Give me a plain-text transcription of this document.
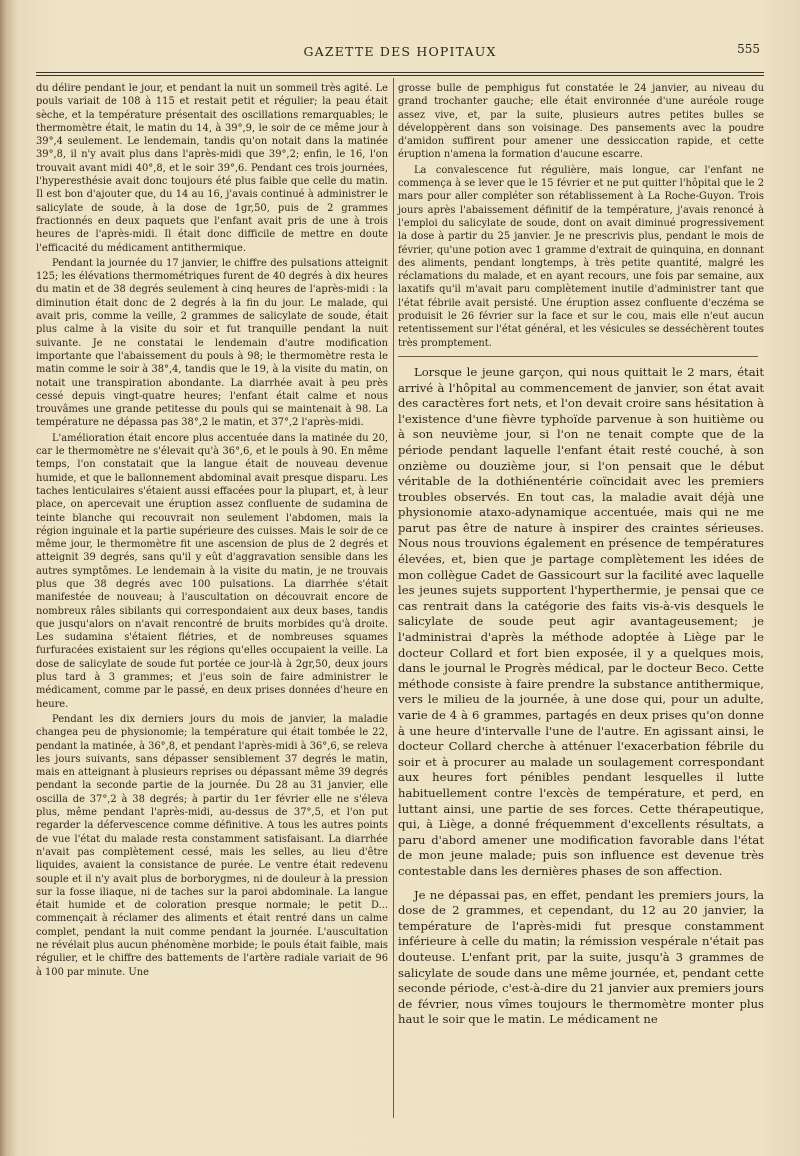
GAZETTE DES HOPITAUX	555

du délire pendant le jour, et pendant la nuit un sommeil très agité. Le pouls variait de 108 à 115 et restait petit et régulier; la peau était sèche, et la température présentait des oscillations remarquables; le thermomètre était, le matin du 14, à 39°,9, le soir de ce même jour à 39°,4 seulement. Le lendemain, tandis qu'on notait dans la matinée 39°,8, il n'y avait plus dans l'après-midi que 39°,2; enfin, le 16, l'on trouvait avant midi 40°,8, et le soir 39°,6. Pendant ces trois journées, l'hyperesthésie avait donc toujours été plus faible que celle du matin. Il est bon d'ajouter que, du 14 au 16, j'avais continué à administrer le salicylate de soude, à la dose de 1gr,50, puis de 2 grammes fractionnés en deux paquets que l'enfant avait pris de une à trois heures de l'après-midi. Il était donc difficile de mettre en doute l'efficacité du médicament antithermique.

Pendant la journée du 17 janvier, le chiffre des pulsations atteignit 125; les élévations thermométriques furent de 40 degrés à dix heures du matin et de 38 degrés seulement à cinq heures de l'après-midi : la diminution était donc de 2 degrés à la fin du jour. Le malade, qui avait pris, comme la veille, 2 grammes de salicylate de soude, était plus calme à la visite du soir et fut tranquille pendant la nuit suivante. Je ne constatai le lendemain d'autre modification importante que l'abaissement du pouls à 98; le thermomètre resta le matin comme le soir à 38°,4, tandis que le 19, à la visite du matin, on notait une transpiration abondante. La diarrhée avait à peu près cessé depuis vingt-quatre heures; l'enfant était calme et nous trouvâmes une grande petitesse du pouls qui se maintenait à 98. La température ne dépassa pas 38°,2 le matin, et 37°,2 l'après-midi.

L'amélioration était encore plus accentuée dans la matinée du 20, car le thermomètre ne s'élevait qu'à 36°,6, et le pouls à 90. En même temps, l'on constatait que la langue était de nouveau devenue humide, et que le ballonnement abdominal avait presque disparu. Les taches lenticulaires s'étaient aussi effacées pour la plupart, et, à leur place, on apercevait une éruption assez confluente de sudamina de teinte blanche qui recouvrait non seulement l'abdomen, mais la région inguinale et la partie supérieure des cuisses. Mais le soir de ce même jour, le thermomètre fit une ascension de plus de 2 degrés et atteignit 39 degrés, sans qu'il y eût d'aggravation sensible dans les autres symptômes. Le lendemain à la visite du matin, je ne trouvais plus que 38 degrés avec 100 pulsations. La diarrhée s'était manifestée de nouveau; à l'auscultation on découvrait encore de nombreux râles sibilants qui correspondaient aux deux bases, tandis que jusqu'alors on n'avait rencontré de bruits morbides qu'à droite. Les sudamina s'étaient flétries, et de nombreuses squames furfuracées existaient sur les régions qu'elles occupaient la veille. La dose de salicylate de soude fut portée ce jour-là à 2gr,50, deux jours plus tard à 3 grammes; et j'eus soin de faire administrer le médicament, comme par le passé, en deux prises données d'heure en heure.

Pendant les dix derniers jours du mois de janvier, la maladie changea peu de physionomie; la température qui était tombée le 22, pendant la matinée, à 36°,8, et pendant l'après-midi à 36°,6, se releva les jours suivants, sans dépasser sensiblement 37 degrés le matin, mais en atteignant à plusieurs reprises ou dépassant même 39 degrés pendant la seconde partie de la journée. Du 28 au 31 janvier, elle oscilla de 37°,2 à 38 degrés; à partir du 1er février elle ne s'éleva plus, même pendant l'après-midi, au-dessus de 37°,5, et l'on put regarder la défervescence comme définitive. A tous les autres points de vue l'état du malade resta constamment satisfaisant. La diarrhée n'avait pas complètement cessé, mais les selles, au lieu d'être liquides, avaient la consistance de purée. Le ventre était redevenu souple et il n'y avait plus de borborygmes, ni de douleur à la pression sur la fosse iliaque, ni de taches sur la paroi abdominale. La langue était humide et de coloration presque normale; le petit D... commençait à réclamer des aliments et était rentré dans un calme complet, pendant la nuit comme pendant la journée. L'auscultation ne révélait plus aucun phénomène morbide; le pouls était faible, mais régulier, et le chiffre des battements de l'artère radiale variait de 96 à 100 par minute. Une

grosse bulle de pemphigus fut constatée le 24 janvier, au niveau du grand trochanter gauche; elle était environnée d'une auréole rouge assez vive, et, par la suite, plusieurs autres petites bulles se développèrent dans son voisinage. Des pansements avec la poudre d'amidon suffirent pour amener une dessiccation rapide, et cette éruption n'amena la formation d'aucune escarre.

La convalescence fut régulière, mais longue, car l'enfant ne commença à se lever que le 15 février et ne put quitter l'hôpital que le 2 mars pour aller compléter son rétablissement à La Roche-Guyon. Trois jours après l'abaissement définitif de la température, j'avais renoncé à l'emploi du salicylate de soude, dont on avait diminué progressivement la dose à partir du 25 janvier. Je ne prescrivis plus, pendant le mois de février, qu'une potion avec 1 gramme d'extrait de quinquina, en donnant des aliments, pendant longtemps, à très petite quantité, malgré les réclamations du malade, et en ayant recours, une fois par semaine, aux laxatifs qu'il m'avait paru complètement inutile d'administrer tant que l'état fébrile avait persisté. Une éruption assez confluente d'eczéma se produisit le 26 février sur la face et sur le cou, mais elle n'eut aucun retentissement sur l'état général, et les vésicules se desséchèrent toutes très promptement.

Lorsque le jeune garçon, qui nous quittait le 2 mars, était arrivé à l'hôpital au commencement de janvier, son état avait des caractères fort nets, et l'on devait croire sans hésitation à l'existence d'une fièvre typhoïde parvenue à son huitième ou à son neuvième jour, si l'on ne tenait compte que de la période pendant laquelle l'enfant était resté couché, à son onzième ou douzième jour, si l'on pensait que le début véritable de la dothiénentérie coïncidait avec les premiers troubles observés. En tout cas, la maladie avait déjà une physionomie ataxo-adynamique accentuée, mais qui ne me parut pas être de nature à inspirer des craintes sérieuses. Nous nous trouvions également en présence de températures élevées, et, bien que je partage complètement les idées de mon collègue Cadet de Gassicourt sur la facilité avec laquelle les jeunes sujets supportent l'hyperthermie, je pensai que ce cas rentrait dans la catégorie des faits vis-à-vis desquels le salicylate de soude peut agir avantageusement; je l'administrai d'après la méthode adoptée à Liège par le docteur Collard et fort bien exposée, il y a quelques mois, dans le journal le Progrès médical, par le docteur Beco. Cette méthode consiste à faire prendre la substance antithermique, vers le milieu de la journée, à une dose qui, pour un adulte, varie de 4 à 6 grammes, partagés en deux prises qu'on donne à une heure d'intervalle l'une de l'autre. En agissant ainsi, le docteur Collard cherche à atténuer l'exacerbation fébrile du soir et à procurer au malade un soulagement correspondant aux heures fort pénibles pendant lesquelles il lutte habituellement contre l'excès de température, et perd, en luttant ainsi, une partie de ses forces. Cette thérapeutique, qui, à Liège, a donné fréquemment d'excellents résultats, a paru d'abord amener une modification favorable dans l'état de mon jeune malade; puis son influence est devenue très contestable dans les dernières phases de son affection.

Je ne dépassai pas, en effet, pendant les premiers jours, la dose de 2 grammes, et cependant, du 12 au 20 janvier, la température de l'après-midi fut presque constamment inférieure à celle du matin; la rémission vespérale n'était pas douteuse. L'enfant prit, par la suite, jusqu'à 3 grammes de salicylate de soude dans une même journée, et, pendant cette seconde période, c'est-à-dire du 21 janvier aux premiers jours de février, nous vîmes toujours le thermomètre monter plus haut le soir que le matin. Le médicament ne
